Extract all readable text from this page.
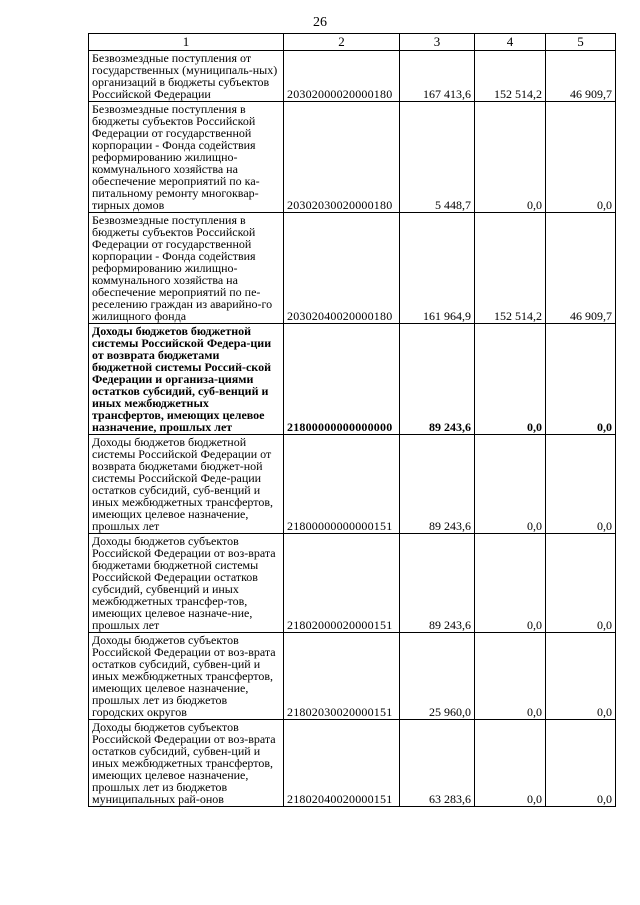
26
1	2	3	4	5
Безвозмездные поступления от государственных (муниципаль-ных) организаций в бюджеты субъектов Российской Федерации	20302000020000180	167 413,6	152 514,2	46 909,7
Безвозмездные поступления в бюджеты субъектов Российской Федерации от государственной корпорации - Фонда содействия реформированию жилищно-коммунального хозяйства на обеспечение мероприятий по ка-питальному ремонту многоквар-тирных домов	20302030020000180	5 448,7	0,0	0,0
Безвозмездные поступления в бюджеты субъектов Российской Федерации от государственной корпорации - Фонда содействия реформированию жилищно-коммунального хозяйства на обеспечение мероприятий по пе-реселению граждан из аварийно-го жилищного фонда	20302040020000180	161 964,9	152 514,2	46 909,7
Доходы бюджетов бюджетной системы Российской Федера-ции от возврата бюджетами бюджетной системы Россий-ской Федерации и организа-циями остатков субсидий, суб-венций и иных межбюджетных трансфертов, имеющих целевое назначение, прошлых лет	21800000000000000	89 243,6	0,0	0,0
Доходы бюджетов бюджетной системы Российской Федерации от возврата бюджетами бюджет-ной системы Российской Феде-рации остатков субсидий, суб-венций и иных межбюджетных трансфертов, имеющих целевое назначение, прошлых лет	21800000000000151	89 243,6	0,0	0,0
Доходы бюджетов субъектов Российской Федерации от воз-врата бюджетами бюджетной системы Российской Федерации остатков субсидий, субвенций и иных межбюджетных трансфер-тов, имеющих целевое назначе-ние, прошлых лет	21802000020000151	89 243,6	0,0	0,0
Доходы бюджетов субъектов Российской Федерации от воз-врата остатков субсидий, субвен-ций и иных межбюджетных трансфертов, имеющих целевое назначение, прошлых лет из бюджетов городских округов	21802030020000151	25 960,0	0,0	0,0
Доходы бюджетов субъектов Российской Федерации от воз-врата остатков субсидий, субвен-ций и иных межбюджетных трансфертов, имеющих целевое назначение, прошлых лет из бюджетов муниципальных рай-онов	21802040020000151	63 283,6	0,0	0,0
